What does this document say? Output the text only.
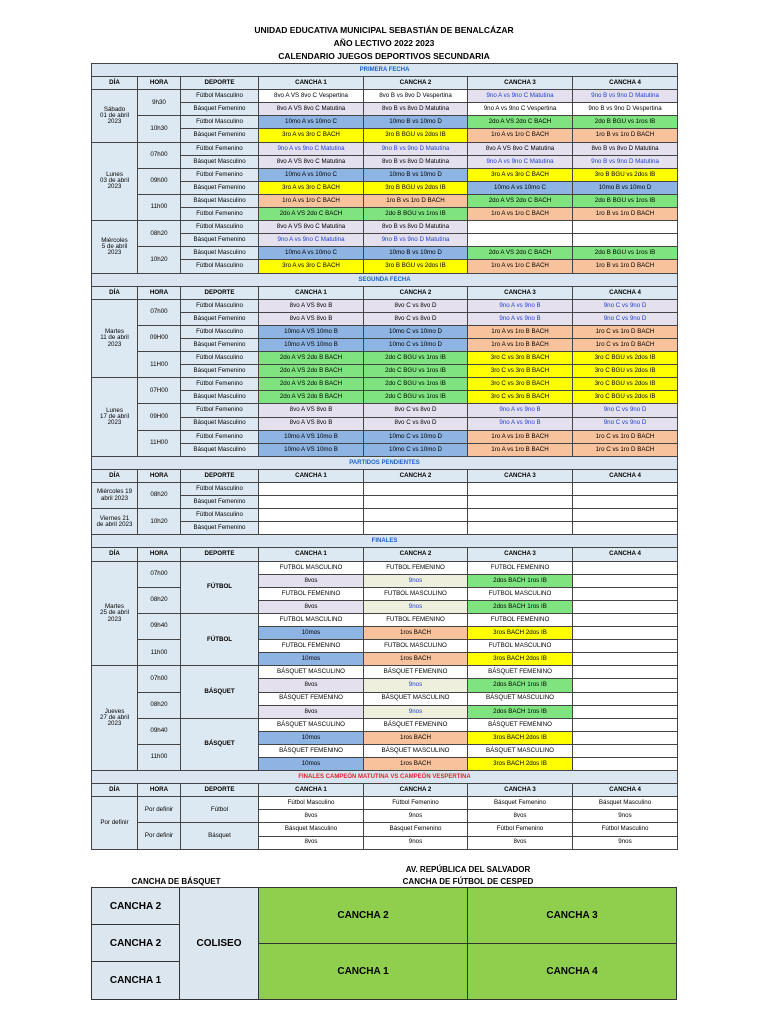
UNIDAD EDUCATIVA MUNICIPAL SEBASTIÁN DE BENALCÁZAR
AÑO LECTIVO 2022 2023
CALENDARIO JUEGOS DEPORTIVOS SECUNDARIA
PRIMERA FECHA						
DÍA	HORA	DEPORTE	CANCHA 1	CANCHA 2	CANCHA 3	CANCHA 4
Sábado
01 de abril
2023	9h30	Fútbol Masculino	8vo A VS 8vo C Vespertina	8vo B vs 8vo D Vespertina	9no A vs 9no C Matutina	9no B vs 9no D Matutina
		Básquet Femenino	8vo A VS 8vo C Matutina	8vo B vs 8vo D Matutina	9no A vs 9no C Vespertina	9no B vs 9no D Vespertina
	10h30	Fútbol Masculino	10mo A vs 10mo C	10mo B vs 10mo D	2do A VS 2do C BACH	2do B BGU vs 1ros IB
		Básquet Femenino	3ro A vs 3ro C BACH	3ro B BGU vs 2dos IB	1ro A vs 1ro C BACH	1ro B vs 1ro D BACH
Lunes
03 de abril
2023	07h00	Fútbol Femenino	9no A vs 9no C Matutina	9no B vs 9no D Matutina	8vo A VS 8vo C Matutina	8vo B vs 8vo D Matutina
		Básquet Masculino	8vo A VS 8vo C Matutina	8vo B vs 8vo D Matutina	9no A vs 9no C Matutina	9no B vs 9no D Matutina
	09h00	Fútbol Femenino	10mo A vs 10mo C	10mo B vs 10mo D	3ro A vs 3ro C BACH	3ro B BGU vs 2dos IB
		Básquet Femenino	3ro A vs 3ro C BACH	3ro B BGU vs 2dos IB	10mo A vs 10mo C	10mo B vs 10mo D
	11h00	Básquet Masculino	1ro A vs 1ro C BACH	1ro B vs 1ro D BACH	2do A VS 2do C BACH	2do B BGU vs 1ros IB
		Fútbol Femenino	2do A VS 2do C BACH	2do B BGU vs 1ros IB	1ro A vs 1ro C BACH	1ro B vs 1ro D BACH
Miércoles
5 de abril
2023	08h20	Fútbol Masculino	8vo A VS 8vo C Matutina	8vo B vs 8vo D Matutina		
		Básquet Femenino	9no A vs 9no C Matutina	9no B vs 9no D Matutina		
	10h20	Básquet Masculino	10mo A vs 10mo C	10mo B vs 10mo D	2do A VS 2do C BACH	2do B BGU vs 1ros IB
		Fútbol Masculino	3ro A vs 3ro C BACH	3ro B BGU vs 2dos IB	1ro A vs 1ro C BACH	1ro B vs 1ro D BACH
SEGUNDA FECHA						
DÍA	HORA	DEPORTE	CANCHA 1	CANCHA 2	CANCHA 3	CANCHA 4
Martes
11 de abril
2023	07h00	Fútbol Masculino	8vo A VS 8vo B	8vo C vs 8vo D	9no A vs 9no B	9no C vs 9no D
		Básquet Femenino	8vo A VS 8vo B	8vo C vs 8vo D	9no A vs 9no B	9no C vs 9no D
	09H00	Fútbol Masculino	10mo A VS 10mo B	10mo C vs 10mo D	1ro A vs 1ro B BACH	1ro C vs 1ro D BACH
		Básquet Femenino	10mo A VS 10mo B	10mo C vs 10mo D	1ro A vs 1ro B BACH	1ro C vs 1ro D BACH
	11H00	Fútbol Masculino	2do A VS 2do B BACH	2do C BGU vs 1ros IB	3ro C vs 3ro B BACH	3ro C BGU vs 2dos IB
		Básquet Femenino	2do A VS 2do B BACH	2do C BGU vs 1ros IB	3ro C vs 3ro B BACH	3ro C BGU vs 2dos IB
Lunes
17 de abril
2023	07H00	Fútbol Femenino	2do A VS 2do B BACH	2do C BGU vs 1ros IB	3ro C vs 3ro B BACH	3ro C BGU vs 2dos IB
		Básquet Masculino	2do A VS 2do B BACH	2do C BGU vs 1ros IB	3ro C vs 3ro B BACH	3ro C BGU vs 2dos IB
	09H00	Fútbol Femenino	8vo A VS 8vo B	8vo C vs 8vo D	9no A vs 9no B	9no C vs 9no D
		Básquet Masculino	8vo A VS 8vo B	8vo C vs 8vo D	9no A vs 9no B	9no C vs 9no D
	11H00	Fútbol Femenino	10mo A VS 10mo B	10mo C vs 10mo D	1ro A vs 1ro B BACH	1ro C vs 1ro D BACH
		Básquet Masculino	10mo A VS 10mo B	10mo C vs 10mo D	1ro A vs 1ro B BACH	1ro C vs 1ro D BACH
PARTIDOS PENDIENTES						
DÍA	HORA	DEPORTE	CANCHA 1	CANCHA 2	CANCHA 3	CANCHA 4
Miércoles 19
abril 2023	08h20	Fútbol Masculino				
		Básquet Femenino				
Viernes 21
de abril 2023	10h20	Fútbol Masculino				
		Básquet Femenino				
FINALES						
DÍA	HORA	DEPORTE	CANCHA 1	CANCHA 2	CANCHA 3	CANCHA 4
Martes
25 de abril
2023	07h00	FÚTBOL	FUTBOL MASCULINO	FUTBOL FEMENINO	FUTBOL FEMENINO	
			8vos	9nos	2dos BACH 1ros IB	
	08h20		FUTBOL FEMENINO	FUTBOL MASCULINO	FUTBOL MASCULINO	
			8vos	9nos	2dos BACH 1ros IB	
	09h40	FÚTBOL	FUTBOL MASCULINO	FUTBOL FEMENINO	FUTBOL FEMENINO	
			10mos	1ros BACH	3ros BACH 2dos IB	
	11h00		FUTBOL FEMENINO	FUTBOL MASCULINO	FUTBOL MASCULINO	
			10mos	1ros BACH	3ros BACH 2dos IB	
Jueves
27 de abril
2023	07h00	BÁSQUET	BÁSQUET MASCULINO	BÁSQUET FEMENINO	BÁSQUET FEMENINO	
			8vos	9nos	2dos BACH 1ros IB	
	08h20		BÁSQUET FEMENINO	BÁSQUET MASCULINO	BÁSQUET MASCULINO	
			8vos	9nos	2dos BACH 1ros IB	
	09h40	BÁSQUET	BÁSQUET MASCULINO	BÁSQUET FEMENINO	BÁSQUET FEMENINO	
			10mos	1ros BACH	3ros BACH 2dos IB	
	11h00		BÁSQUET FEMENINO	BÁSQUET MASCULINO	BÁSQUET MASCULINO	
			10mos	1ros BACH	3ros BACH 2dos IB	
FINALES CAMPEÓN MATUTINA VS CAMPEÓN VESPERTINA						
DÍA	HORA	DEPORTE	CANCHA 1	CANCHA 2	CANCHA 3	CANCHA 4
Por definir	Por definir	Fútbol	Fútbol Masculino	Fútbol Femenino	Básquet Femenino	Básquet Masculino
			8vos	9nos	8vos	9nos
	Por definir	Básquet	Básquet Masculino	Básquet Femenino	Fútbol Femenino	Fútbol Masculino
			8vos	9nos	8vos	9nos
CANCHA DE BÁSQUET
AV. REPÚBLICA DEL SALVADOR
CANCHA DE FÚTBOL DE CESPED
CANCHA 2
CANCHA 2
CANCHA 1
COLISEO
CANCHA 2	CANCHA 3
CANCHA 1	CANCHA 4
